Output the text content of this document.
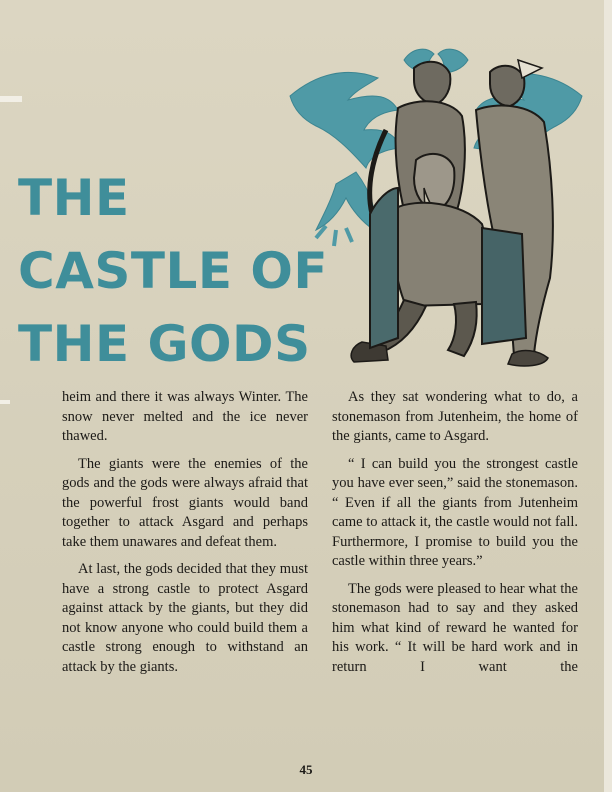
THE
CASTLE OF
THE GODS

heim and there it was always Winter. The snow never melted and the ice never thawed.

The giants were the enemies of the gods and the gods were always afraid that the powerful frost giants would band together to attack Asgard and perhaps take them unawares and defeat them.

At last, the gods decided that they must have a strong castle to protect Asgard against attack by the giants, but they did not know anyone who could build them a castle strong enough to withstand an attack by the giants.

As they sat wondering what to do, a stonemason from Jutenheim, the home of the giants, came to Asgard.

“ I can build you the strongest castle you have ever seen,” said the stonemason. “ Even if all the giants from Jutenheim came to attack it, the castle would not fall. Furthermore, I promise to build you the castle within three years.”

The gods were pleased to hear what the stonemason had to say and they asked him what kind of reward he wanted for his work. “ It will be hard work and in return I want the

45
